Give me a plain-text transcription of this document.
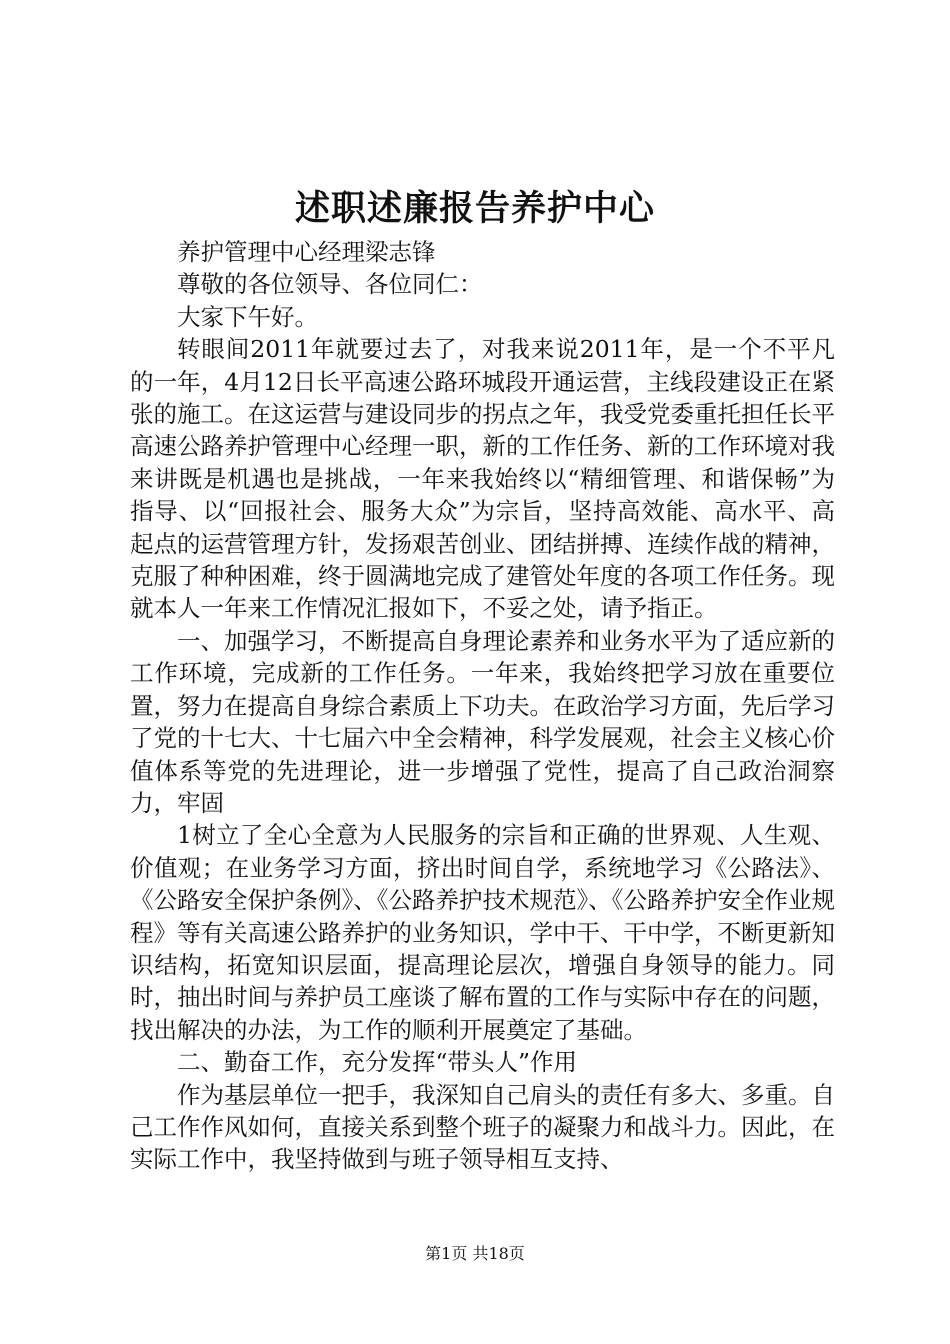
述职述廉报告养护中心

养护管理中心经理梁志锋

尊敬的各位领导、各位同仁：

大家下午好。

转眼间2011年就要过去了，对我来说2011年，是一个不平凡的一年，4月12日长平高速公路环城段开通运营，主线段建设正在紧张的施工。在这运营与建设同步的拐点之年，我受党委重托担任长平高速公路养护管理中心经理一职，新的工作任务、新的工作环境对我来讲既是机遇也是挑战，一年来我始终以“精细管理、和谐保畅”为指导、以“回报社会、服务大众”为宗旨，坚持高效能、高水平、高起点的运营管理方针，发扬艰苦创业、团结拼搏、连续作战的精神，克服了种种困难，终于圆满地完成了建管处年度的各项工作任务。现就本人一年来工作情况汇报如下，不妥之处，请予指正。

一、加强学习，不断提高自身理论素养和业务水平为了适应新的工作环境，完成新的工作任务。一年来，我始终把学习放在重要位置，努力在提高自身综合素质上下功夫。在政治学习方面，先后学习了党的十七大、十七届六中全会精神，科学发展观，社会主义核心价值体系等党的先进理论，进一步增强了党性，提高了自己政治洞察力，牢固

1树立了全心全意为人民服务的宗旨和正确的世界观、人生观、价值观；在业务学习方面，挤出时间自学，系统地学习《公路法》、《公路安全保护条例》、《公路养护技术规范》、《公路养护安全作业规程》等有关高速公路养护的业务知识，学中干、干中学，不断更新知识结构，拓宽知识层面，提高理论层次，增强自身领导的能力。同时，抽出时间与养护员工座谈了解布置的工作与实际中存在的问题，找出解决的办法，为工作的顺利开展奠定了基础。

二、勤奋工作，充分发挥“带头人”作用

作为基层单位一把手，我深知自己肩头的责任有多大、多重。自己工作作风如何，直接关系到整个班子的凝聚力和战斗力。因此，在实际工作中，我坚持做到与班子领导相互支持、

第1页 共18页
